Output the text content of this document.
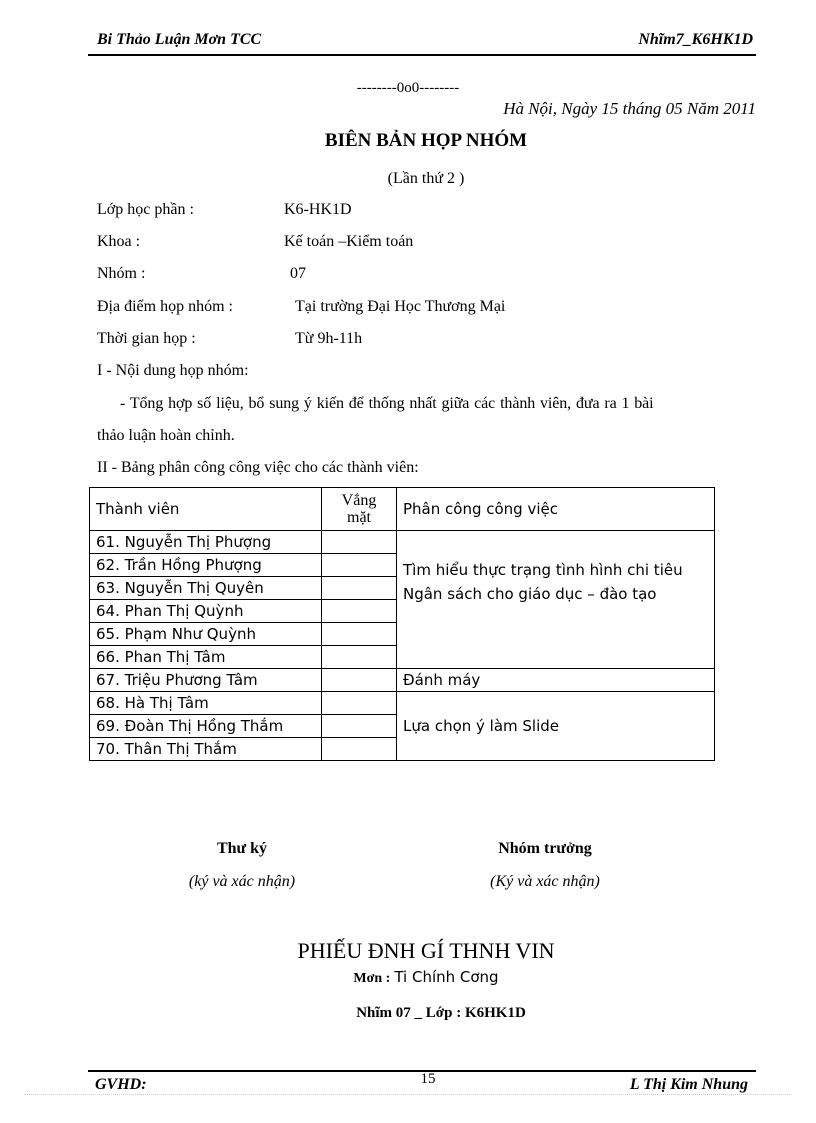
Bi Thảo Luận Mơn TCC	Nhĩm7_K6HK1D
--------0o0--------
Hà Nội, Ngày 15 tháng 05 Năm 2011
BIÊN BẢN HỌP NHÓM
(Lần thứ 2 )
Lớp học phần :	K6-HK1D
Khoa :	Kế toán –Kiểm toán
Nhóm :	07
Địa điểm họp nhóm :	Tại trường Đại Học Thương Mại
Thời gian họp :	Từ 9h-11h
I - Nội dung họp nhóm:
- Tổng hợp số liệu, bổ sung ý kiến để thống nhất giữa các thành viên, đưa ra 1 bài
thảo luận hoàn chỉnh.
II - Bảng phân công công việc cho các thành viên:
Thành viên	Vắng mặt	Phân công công việc
61. Nguyễn Thị Phượng		Tìm hiểu thực trạng tình hình chi tiêu Ngân sách cho giáo dục – đào tạo
62. Trần Hồng Phượng		
63. Nguyễn Thị Quyên		
64. Phan Thị Quỳnh		
65. Phạm Như Quỳnh		
66. Phan Thị Tâm		
67. Triệu Phương Tâm		Đánh máy
68. Hà Thị Tâm		Lựa chọn ý làm Slide
69. Đoàn Thị Hồng Thắm		
70. Thân Thị Thắm		
Thư ký
(ký và xác nhận)
Nhóm trưởng
(Ký và xác nhận)
PHIẾU ĐNH GÍ THNH VIN
Mơn : Ti Chính Cơng
Nhĩm 07 _ Lớp : K6HK1D
GVHD:	15	L Thị Kim Nhung
